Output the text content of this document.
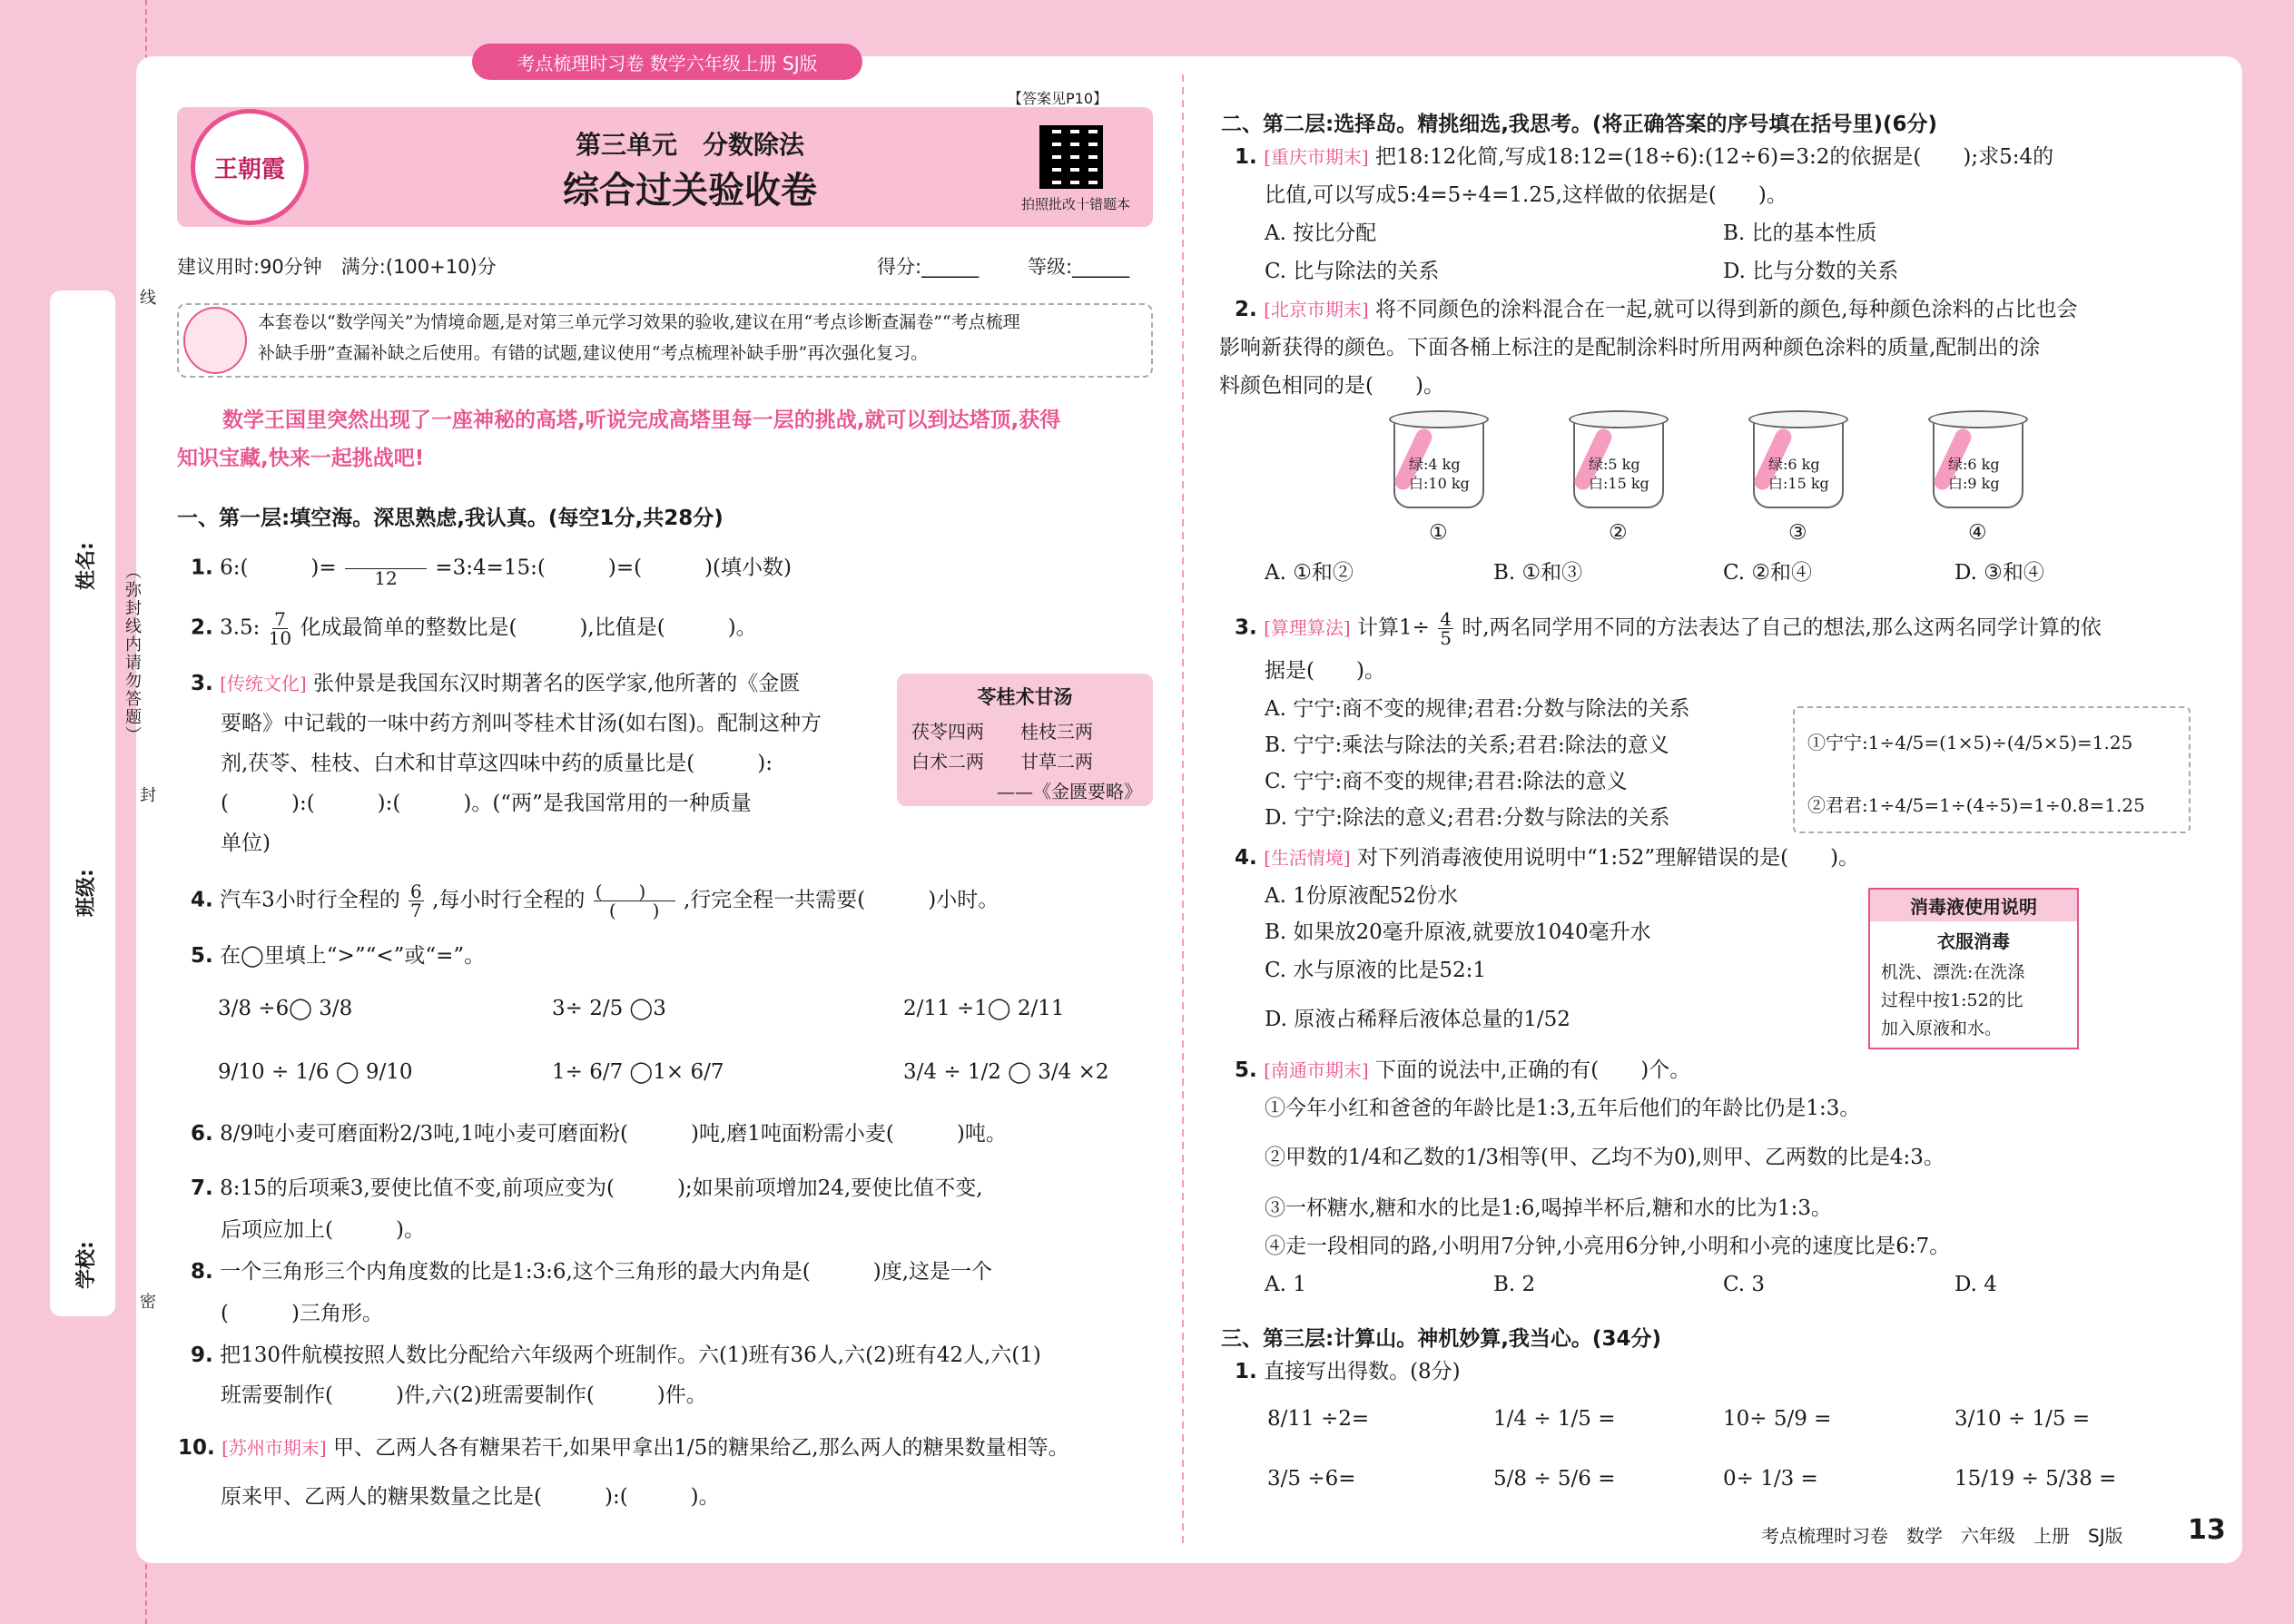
学校:
班级:
姓名: （弥封线内请勿答题）
线
封
密
考点梳理时习卷 数学六年级上册 SJ版
【答案见P10】
王朝霞
第三单元　分数除法
综合过关验收卷	拍照批改十错题本
建议用时:90分钟　满分:(100+10)分	得分:______	等级:______
本套卷以“数学闯关”为情境命题,是对第三单元学习效果的验收,建议在用“考点诊断查漏卷”“考点梳理
补缺手册”查漏补缺之后使用。有错的试题,建议使用“考点梳理补缺手册”再次强化复习。
数学王国里突然出现了一座神秘的高塔,听说完成高塔里每一层的挑战,就可以到达塔顶,获得
知识宝藏,快来一起挑战吧!
一、第一层:填空海。深思熟虑,我认真。(每空1分,共28分)
1. 6:(　　　)=
12 =3:4=15:(　　　)=(　　　)(填小数)
2. 3.5: $\frac{7}{10}$ 化成最简单的整数比是(　　　),比值是(　　　)。
3. [传统文化] 张仲景是我国东汉时期著名的医学家,他所著的《金匮
要略》中记载的一味中药方剂叫苓桂术甘汤(如右图)。配制这种方
剂,茯苓、桂枝、白术和甘草这四味中药的质量比是(　　　):
(　　　):(　　　):(　　　)。(“两”是我国常用的一种质量
单位)
苓桂术甘汤
茯苓四两　　桂枝三两
白术二两　　甘草二两
——《金匮要略》
4. 汽车3小时行全程的 $\frac{6}{7}$ ,每小时行全程的 $\frac{( )}{( )}$ ,行完全程一共需要(　　　)小时。
5. 在◯里填上“>”“<”或“=”。
3/8 ÷6◯ 3/8	3÷ 2/5 ◯3	2/11 ÷1◯ 2/11
9/10 ÷ 1/6 ◯ 9/10	1÷ 6/7 ◯1× 6/7	3/4 ÷ 1/2 ◯ 3/4 ×2
6. 8/9吨小麦可磨面粉2/3吨,1吨小麦可磨面粉(　　　)吨,磨1吨面粉需小麦(　　　)吨。
7. 8:15的后项乘3,要使比值不变,前项应变为(　　　);如果前项增加24,要使比值不变,
后项应加上(　　　)。
8. 一个三角形三个内角度数的比是1:3:6,这个三角形的最大内角是(　　　)度,这是一个
(　　　)三角形。
9. 把130件航模按照人数比分配给六年级两个班制作。六(1)班有36人,六(2)班有42人,六(1)
班需要制作(　　　)件,六(2)班需要制作(　　　)件。
10. [苏州市期末] 甲、乙两人各有糖果若干,如果甲拿出1/5的糖果给乙,那么两人的糖果数量相等。
原来甲、乙两人的糖果数量之比是(　　　):(　　　)。
二、第二层:选择岛。精挑细选,我思考。(将正确答案的序号填在括号里)(6分)
1. [重庆市期末] 把18:12化简,写成18:12=(18÷6):(12÷6)=3:2的依据是(　　);求5:4的
比值,可以写成5:4=5÷4=1.25,这样做的依据是(　　)。
A. 按比分配	B. 比的基本性质
C. 比与除法的关系	D. 比与分数的关系
2. [北京市期末] 将不同颜色的涂料混合在一起,就可以得到新的颜色,每种颜色涂料的占比也会
影响新获得的颜色。下面各桶上标注的是配制涂料时所用两种颜色涂料的质量,配制出的涂
料颜色相同的是(　　)。
绿:4 kg
白:10 kg
①
绿:5 kg
白:15 kg
②
绿:6 kg
白:15 kg
③
绿:6 kg
白:9 kg
④
A. ①和②	B. ①和③	C. ②和④	D. ③和④
3. [算理算法] 计算$1\div \frac{4}{5}$ 时,两名同学用不同的方法表达了自己的想法,那么这两名同学计算的依
据是(　　)。
A. 宁宁:商不变的规律;君君:分数与除法的关系
B. 宁宁:乘法与除法的关系;君君:除法的意义
C. 宁宁:商不变的规律;君君:除法的意义
D. 宁宁:除法的意义;君君:分数与除法的关系
①宁宁:1÷4/5=(1×5)÷(4/5×5)=1.25
②君君:1÷4/5=1÷(4÷5)=1÷0.8=1.25
4. [生活情境] 对下列消毒液使用说明中“1:52”理解错误的是(　　)。
A. 1份原液配52份水
B. 如果放20毫升原液,就要放1040毫升水
C. 水与原液的比是52:1
D. 原液占稀释后液体总量的1/52
消毒液使用说明
衣服消毒
机洗、漂洗:在洗涤
过程中按1:52的比
加入原液和水。
5. [南通市期末] 下面的说法中,正确的有(　　)个。
①今年小红和爸爸的年龄比是1:3,五年后他们的年龄比仍是1:3。
②甲数的1/4和乙数的1/3相等(甲、乙均不为0),则甲、乙两数的比是4:3。
③一杯糖水,糖和水的比是1:6,喝掉半杯后,糖和水的比为1:3。
④走一段相同的路,小明用7分钟,小亮用6分钟,小明和小亮的速度比是6:7。
A. 1	B. 2	C. 3	D. 4
三、第三层:计算山。神机妙算,我当心。(34分)
1. 直接写出得数。(8分)
8/11 ÷2=	1/4 ÷ 1/5 =	10÷ 5/9 =	3/10 ÷ 1/5 =
3/5 ÷6=	5/8 ÷ 5/6 =	0÷ 1/3 =	15/19 ÷ 5/38 =
考点梳理时习卷　数学　六年级　上册　SJ版 13
